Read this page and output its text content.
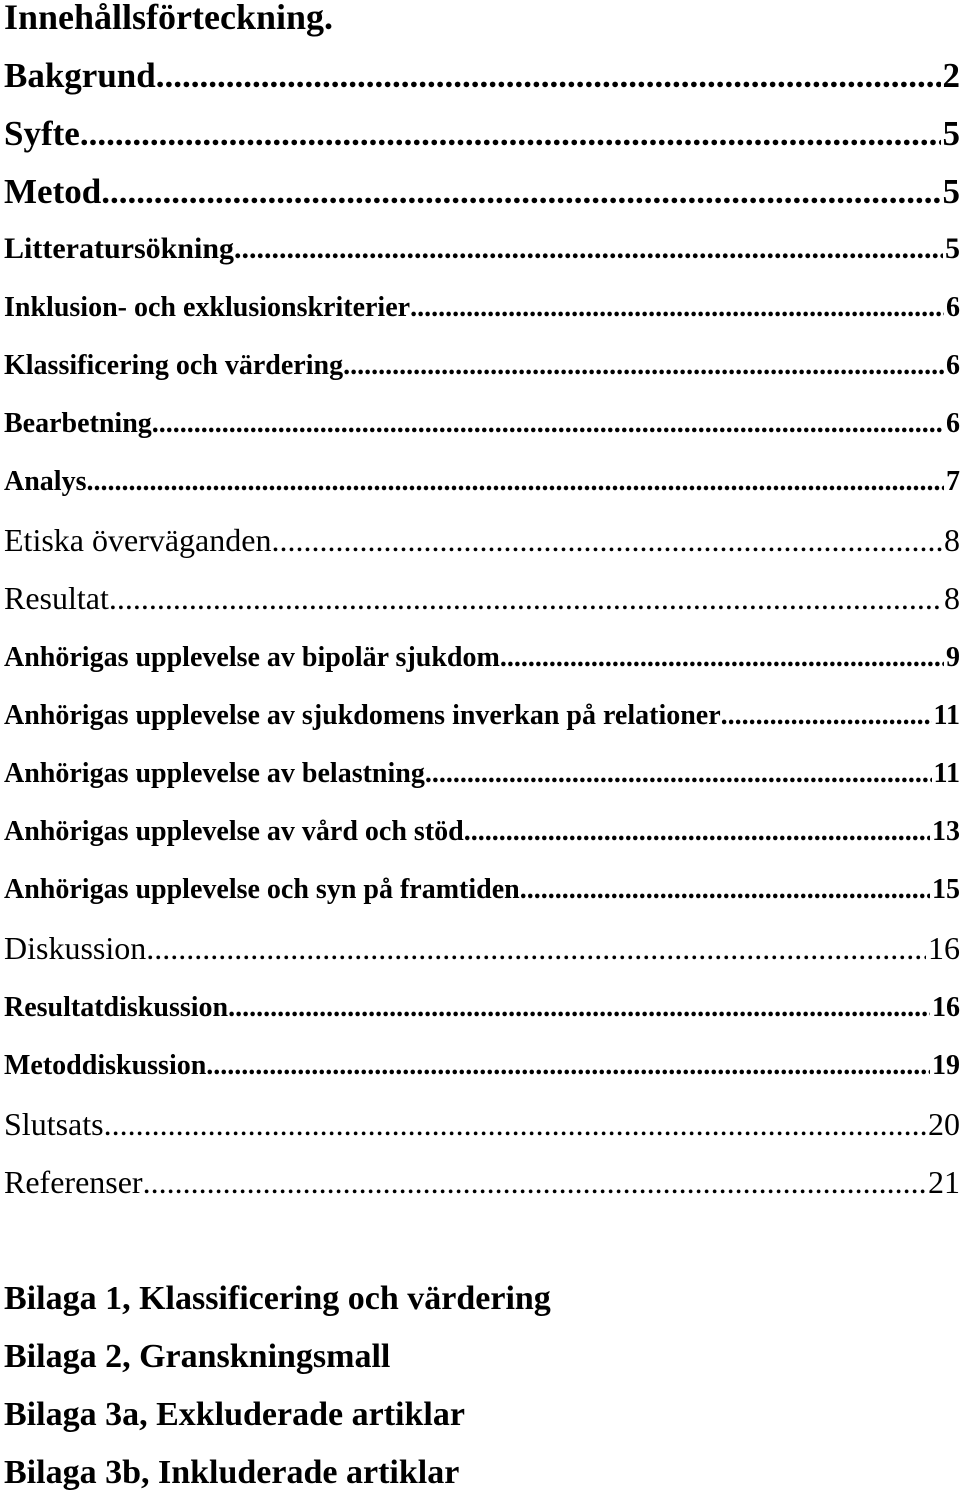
Innehållsförteckning.
Bakgrund .....	2
Syfte .....	5
Metod .....	5
Litteratursökning .....	5
Inklusion- och exklusionskriterier .....	6
Klassificering och värdering .....	6
Bearbetning .....	6
Analys .....	7
Etiska överväganden .....	8
Resultat .....	8
Anhörigas upplevelse av bipolär sjukdom .....	9
Anhörigas upplevelse av sjukdomens inverkan på relationer .....	11
Anhörigas upplevelse av belastning .....	11
Anhörigas upplevelse av vård och stöd .....	13
Anhörigas upplevelse och syn på framtiden .....	15
Diskussion .....	16
Resultatdiskussion .....	16
Metoddiskussion .....	19
Slutsats .....	20
Referenser .....	21
Bilaga 1, Klassificering och värdering
Bilaga 2, Granskningsmall
Bilaga 3a, Exkluderade artiklar
Bilaga 3b, Inkluderade artiklar
